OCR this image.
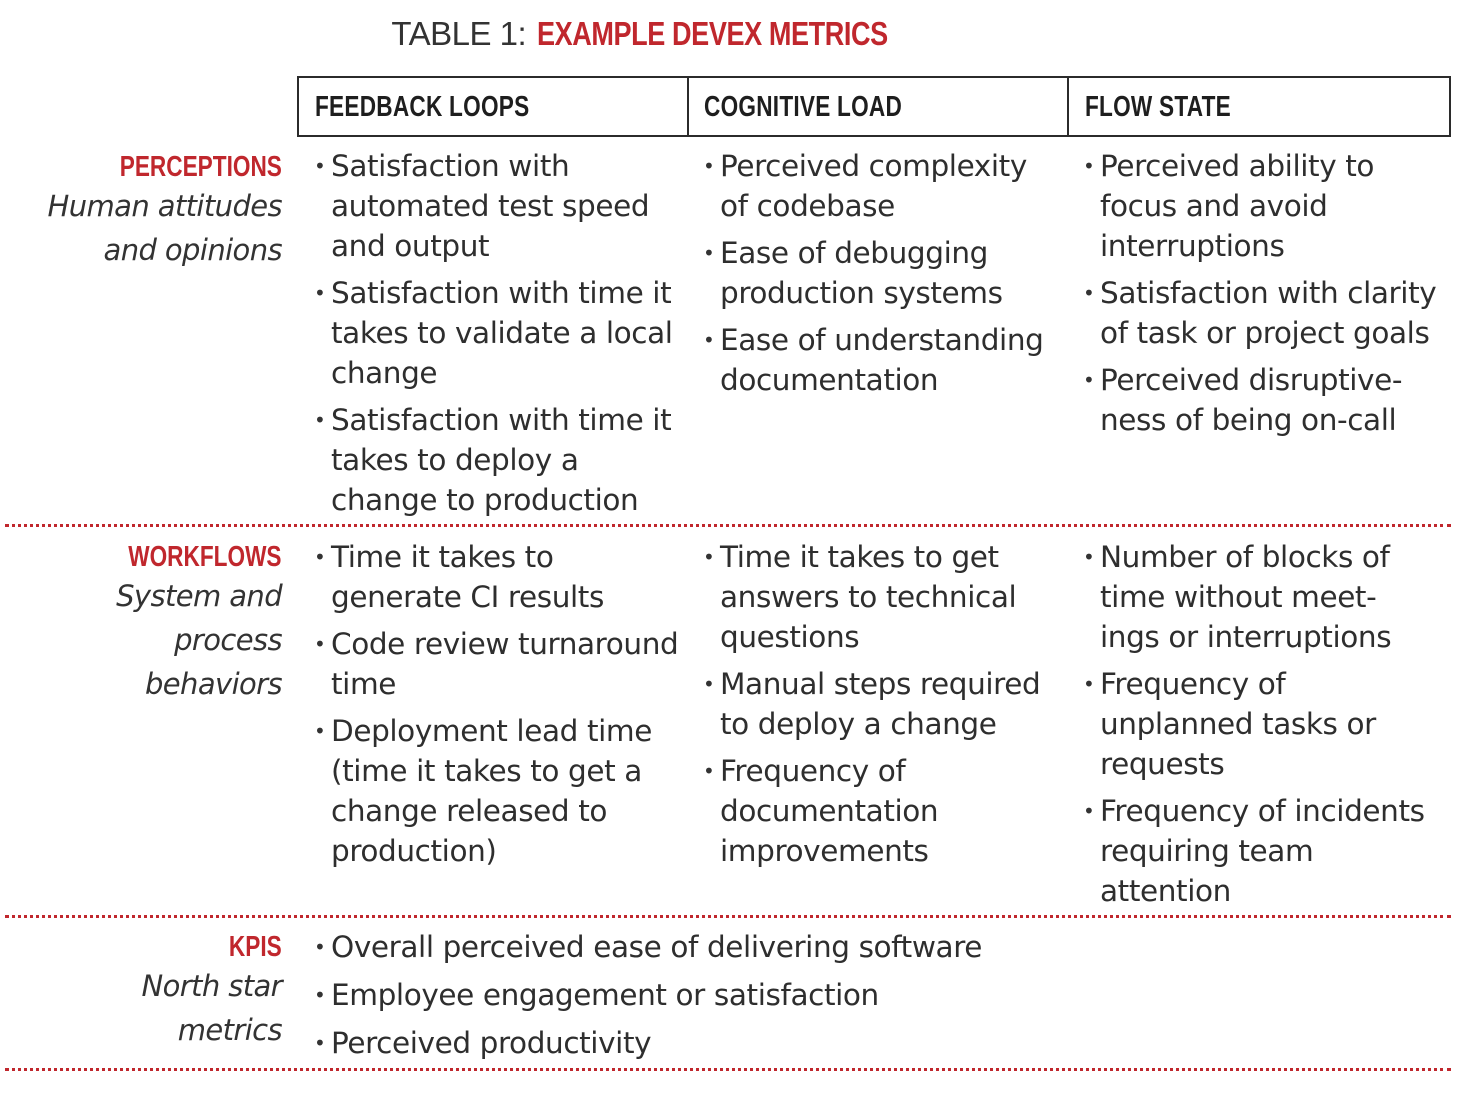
TABLE 1: EXAMPLE DEVEX METRICS
FEEDBACK LOOPS	COGNITIVE LOAD	FLOW STATE
PERCEPTIONS
Human attitudes
and opinions
• Satisfaction with automated test speed and output
• Satisfaction with time it takes to validate a local change
• Satisfaction with time it takes to deploy a change to production
• Perceived complexity of codebase
• Ease of debugging production systems
• Ease of understanding documentation
• Perceived ability to focus and avoid interruptions
• Satisfaction with clarity of task or project goals
• Perceived disruptive- ness of being on-call
WORKFLOWS
System and
process
behaviors
• Time it takes to generate CI results
• Code review turnaround time
• Deployment lead time (time it takes to get a change released to production)
• Time it takes to get answers to technical questions
• Manual steps required to deploy a change
• Frequency of documentation improvements
• Number of blocks of time without meet- ings or interruptions
• Frequency of unplanned tasks or requests
• Frequency of incidents requiring team attention
KPIS
North star
metrics
• Overall perceived ease of delivering software
• Employee engagement or satisfaction
• Perceived productivity
